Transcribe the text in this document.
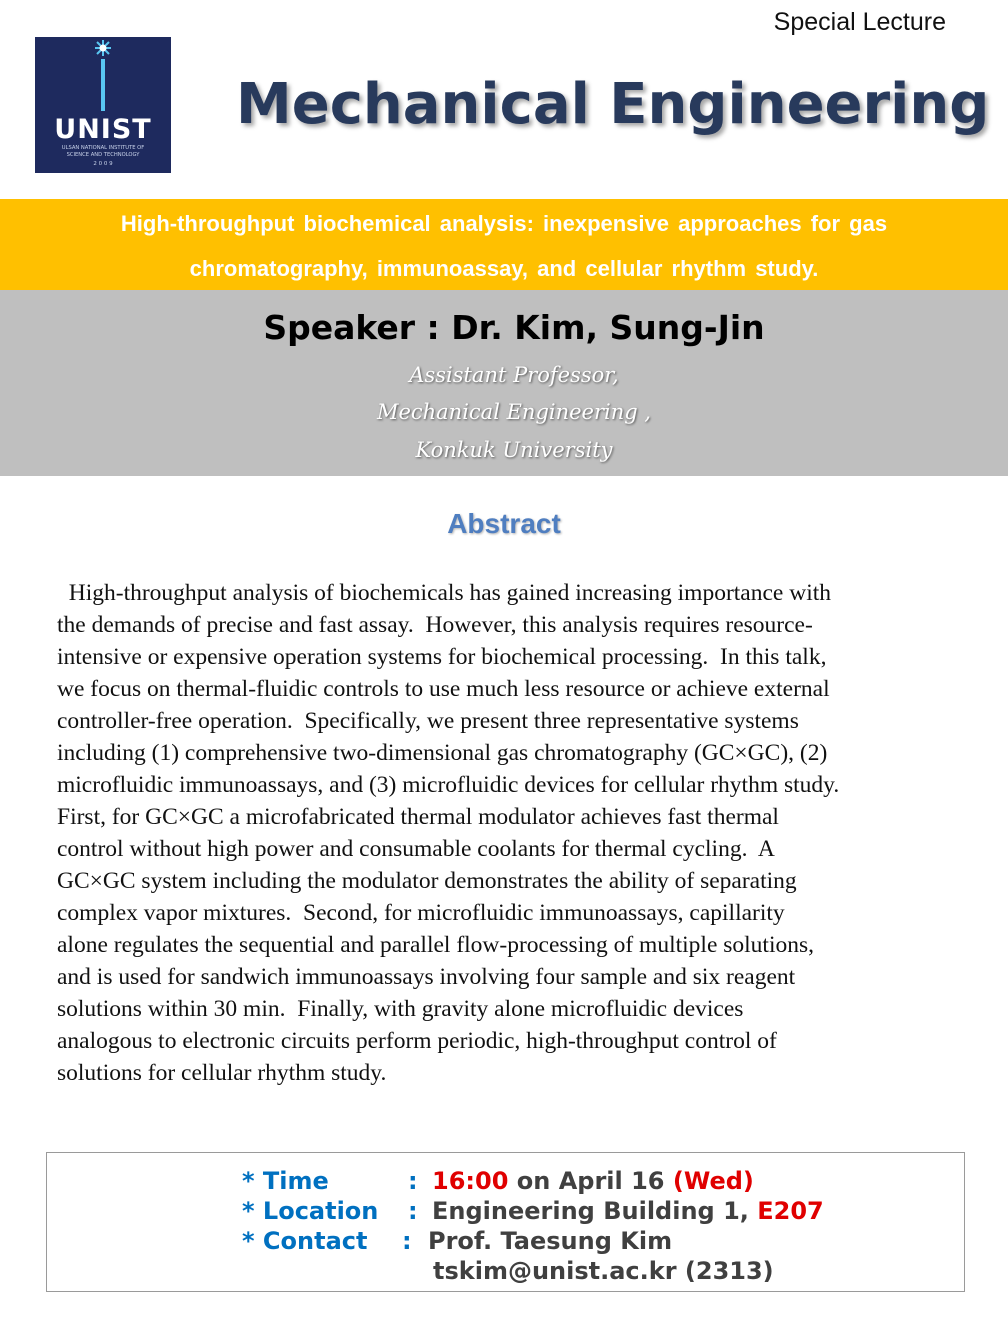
Special Lecture
UNIST
ULSAN NATIONAL INSTITUTE OF
SCIENCE AND TECHNOLOGY
2 0 0 9
Mechanical Engineering
High-throughput biochemical analysis: inexpensive approaches for gas
chromatography, immunoassay, and cellular rhythm study.
Speaker : Dr. Kim, Sung-Jin
Assistant Professor,
Mechanical Engineering ,
Konkuk University
Abstract
High-throughput analysis of biochemicals has gained increasing importance with
the demands of precise and fast assay.  However, this analysis requires resource-
intensive or expensive operation systems for biochemical processing.  In this talk,
we focus on thermal-fluidic controls to use much less resource or achieve external
controller-free operation.  Specifically, we present three representative systems
including (1) comprehensive two-dimensional gas chromatography (GC×GC), (2)
microfluidic immunoassays, and (3) microfluidic devices for cellular rhythm study.
First, for GC×GC a microfabricated thermal modulator achieves fast thermal
control without high power and consumable coolants for thermal cycling.  A
GC×GC system including the modulator demonstrates the ability of separating
complex vapor mixtures.  Second, for microfluidic immunoassays, capillarity
alone regulates the sequential and parallel flow-processing of multiple solutions,
and is used for sandwich immunoassays involving four sample and six reagent
solutions within 30 min.  Finally, with gravity alone microfluidic devices
analogous to electronic circuits perform periodic, high-throughput control of
solutions for cellular rhythm study.
* Time	: 16:00 on April 16 (Wed)
* Location : Engineering Building 1, E207
* Contact : Prof. Taesung Kim
tskim@unist.ac.kr (2313)
